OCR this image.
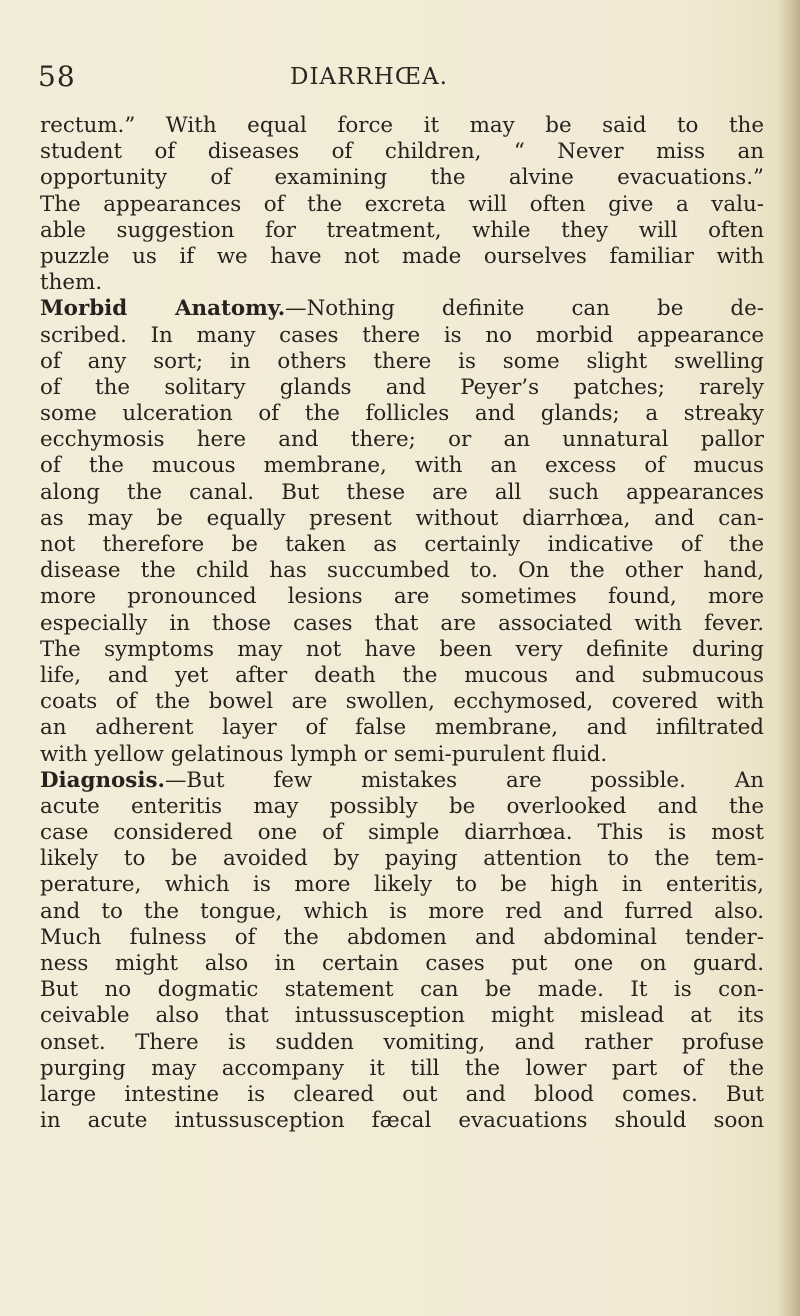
58	DIARRHŒA.
rectum.” With equal force it may be said to the
student of diseases of children, “ Never miss an
opportunity of examining the alvine evacuations.”
The appearances of the excreta will often give a valu-
able suggestion for treatment, while they will often
puzzle us if we have not made ourselves familiar with
them.
Morbid Anatomy.—Nothing definite can be de-
scribed. In many cases there is no morbid appearance
of any sort; in others there is some slight swelling
of the solitary glands and Peyer’s patches; rarely
some ulceration of the follicles and glands; a streaky
ecchymosis here and there; or an unnatural pallor
of the mucous membrane, with an excess of mucus
along the canal. But these are all such appearances
as may be equally present without diarrhœa, and can-
not therefore be taken as certainly indicative of the
disease the child has succumbed to. On the other hand,
more pronounced lesions are sometimes found, more
especially in those cases that are associated with fever.
The symptoms may not have been very definite during
life, and yet after death the mucous and submucous
coats of the bowel are swollen, ecchymosed, covered with
an adherent layer of false membrane, and infiltrated
with yellow gelatinous lymph or semi-purulent fluid.
Diagnosis.—But few mistakes are possible. An
acute enteritis may possibly be overlooked and the
case considered one of simple diarrhœa. This is most
likely to be avoided by paying attention to the tem-
perature, which is more likely to be high in enteritis,
and to the tongue, which is more red and furred also.
Much fulness of the abdomen and abdominal tender-
ness might also in certain cases put one on guard.
But no dogmatic statement can be made. It is con-
ceivable also that intussusception might mislead at its
onset. There is sudden vomiting, and rather profuse
purging may accompany it till the lower part of the
large intestine is cleared out and blood comes. But
in acute intussusception fæcal evacuations should soon
